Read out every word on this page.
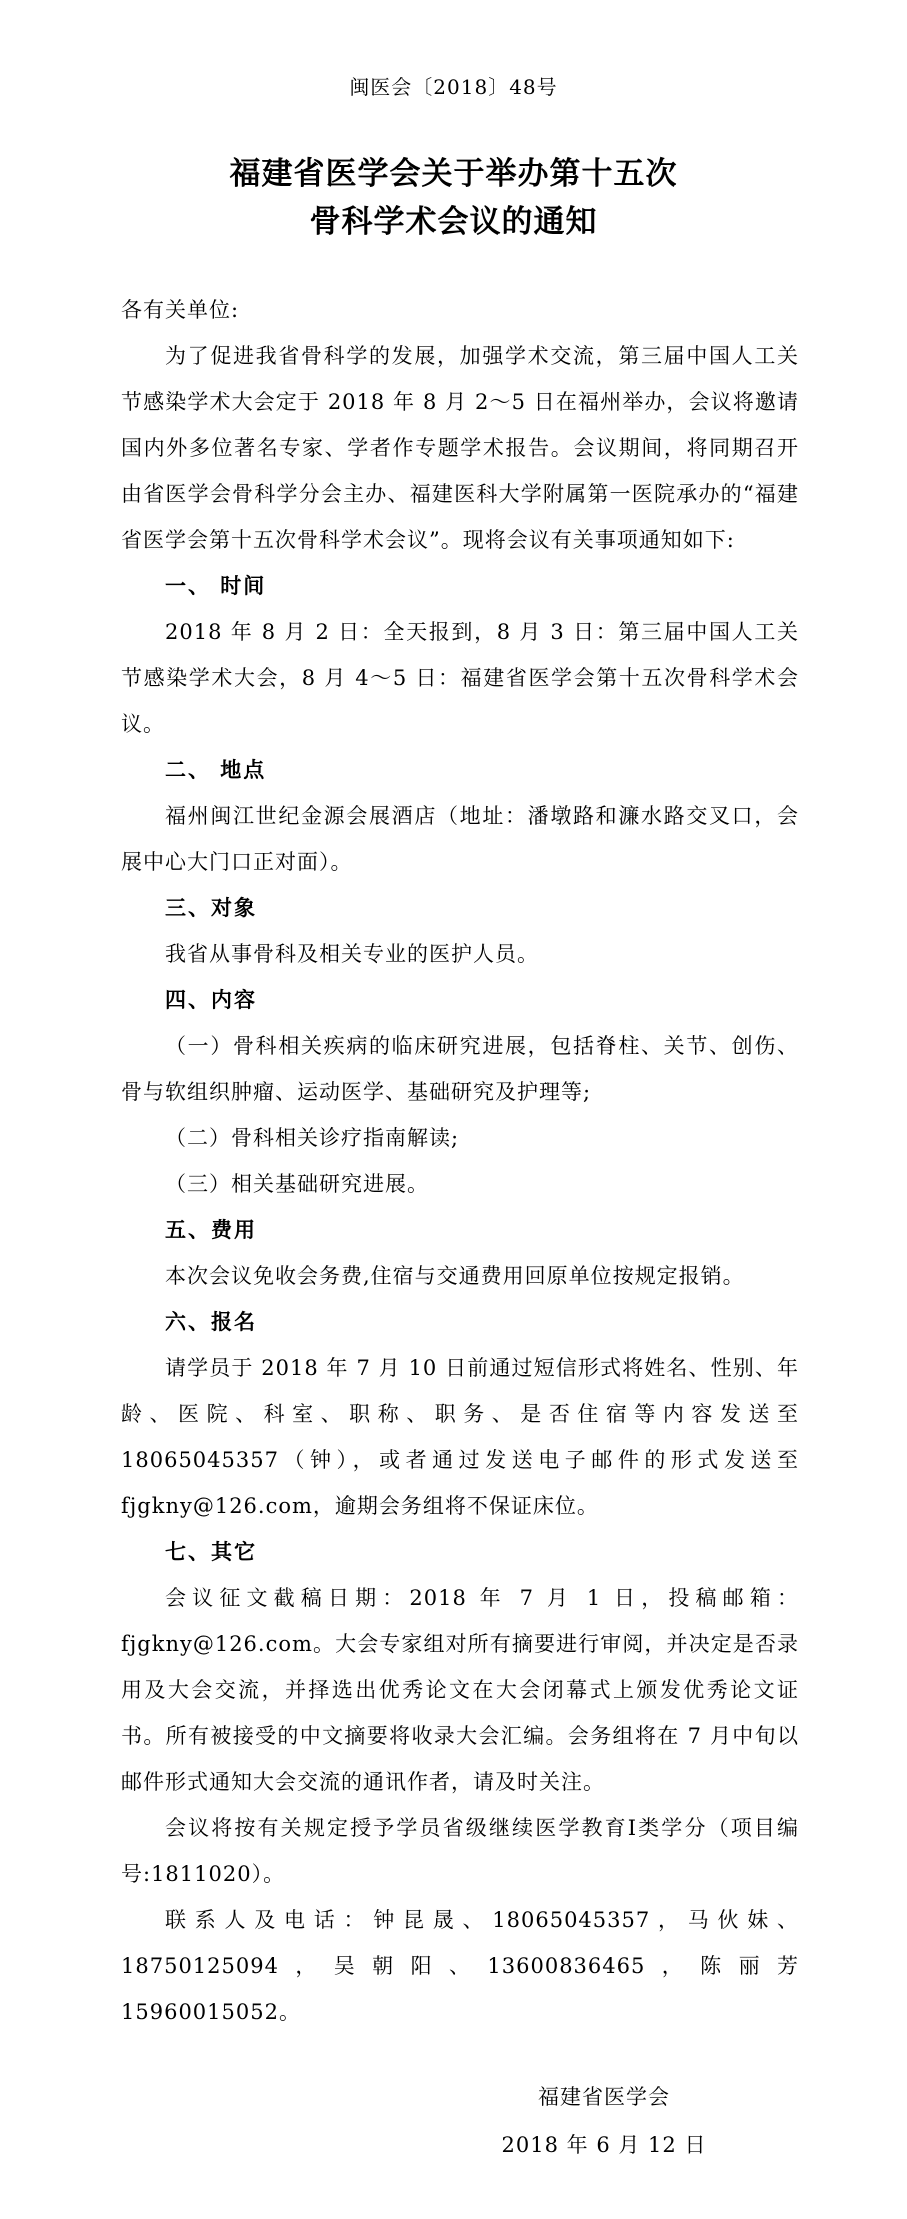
闽医会〔2018〕48号
福建省医学会关于举办第十五次
骨科学术会议的通知

各有关单位:

为了促进我省骨科学的发展，加强学术交流，第三届中国人工关节感染学术大会定于 2018 年 8 月 2～5 日在福州举办，会议将邀请国内外多位著名专家、学者作专题学术报告。会议期间，将同期召开由省医学会骨科学分会主办、福建医科大学附属第一医院承办的“福建省医学会第十五次骨科学术会议”。现将会议有关事项通知如下:

一、 时间

2018 年 8 月 2 日：全天报到，8 月 3 日：第三届中国人工关节感染学术大会，8 月 4～5 日：福建省医学会第十五次骨科学术会议。

二、 地点

福州闽江世纪金源会展酒店（地址：潘墩路和濂水路交叉口，会展中心大门口正对面）。

三、对象

我省从事骨科及相关专业的医护人员。

四、内容

（一）骨科相关疾病的临床研究进展，包括脊柱、关节、创伤、骨与软组织肿瘤、运动医学、基础研究及护理等;

（二）骨科相关诊疗指南解读;

（三）相关基础研究进展。

五、费用

本次会议免收会务费,住宿与交通费用回原单位按规定报销。

六、报名

请学员于 2018 年 7 月 10 日前通过短信形式将姓名、性别、年龄、医院、科室、职称、职务、是否住宿等内容发送至18065045357（钟），或者通过发送电子邮件的形式发送至fjgkny@126.com，逾期会务组将不保证床位。

七、其它

会议征文截稿日期：2018 年 7 月 1 日，投稿邮箱：fjgkny@126.com。大会专家组对所有摘要进行审阅，并决定是否录用及大会交流，并择选出优秀论文在大会闭幕式上颁发优秀论文证书。所有被接受的中文摘要将收录大会汇编。会务组将在 7 月中旬以邮件形式通知大会交流的通讯作者，请及时关注。

会议将按有关规定授予学员省级继续医学教育Ⅰ类学分（项目编号:1811020）。

联系人及电话：钟昆晟、18065045357，马伙妹、18750125094，吴朝阳、13600836465，陈丽芳 15960015052。

福建省医学会
2018 年 6 月 12 日
